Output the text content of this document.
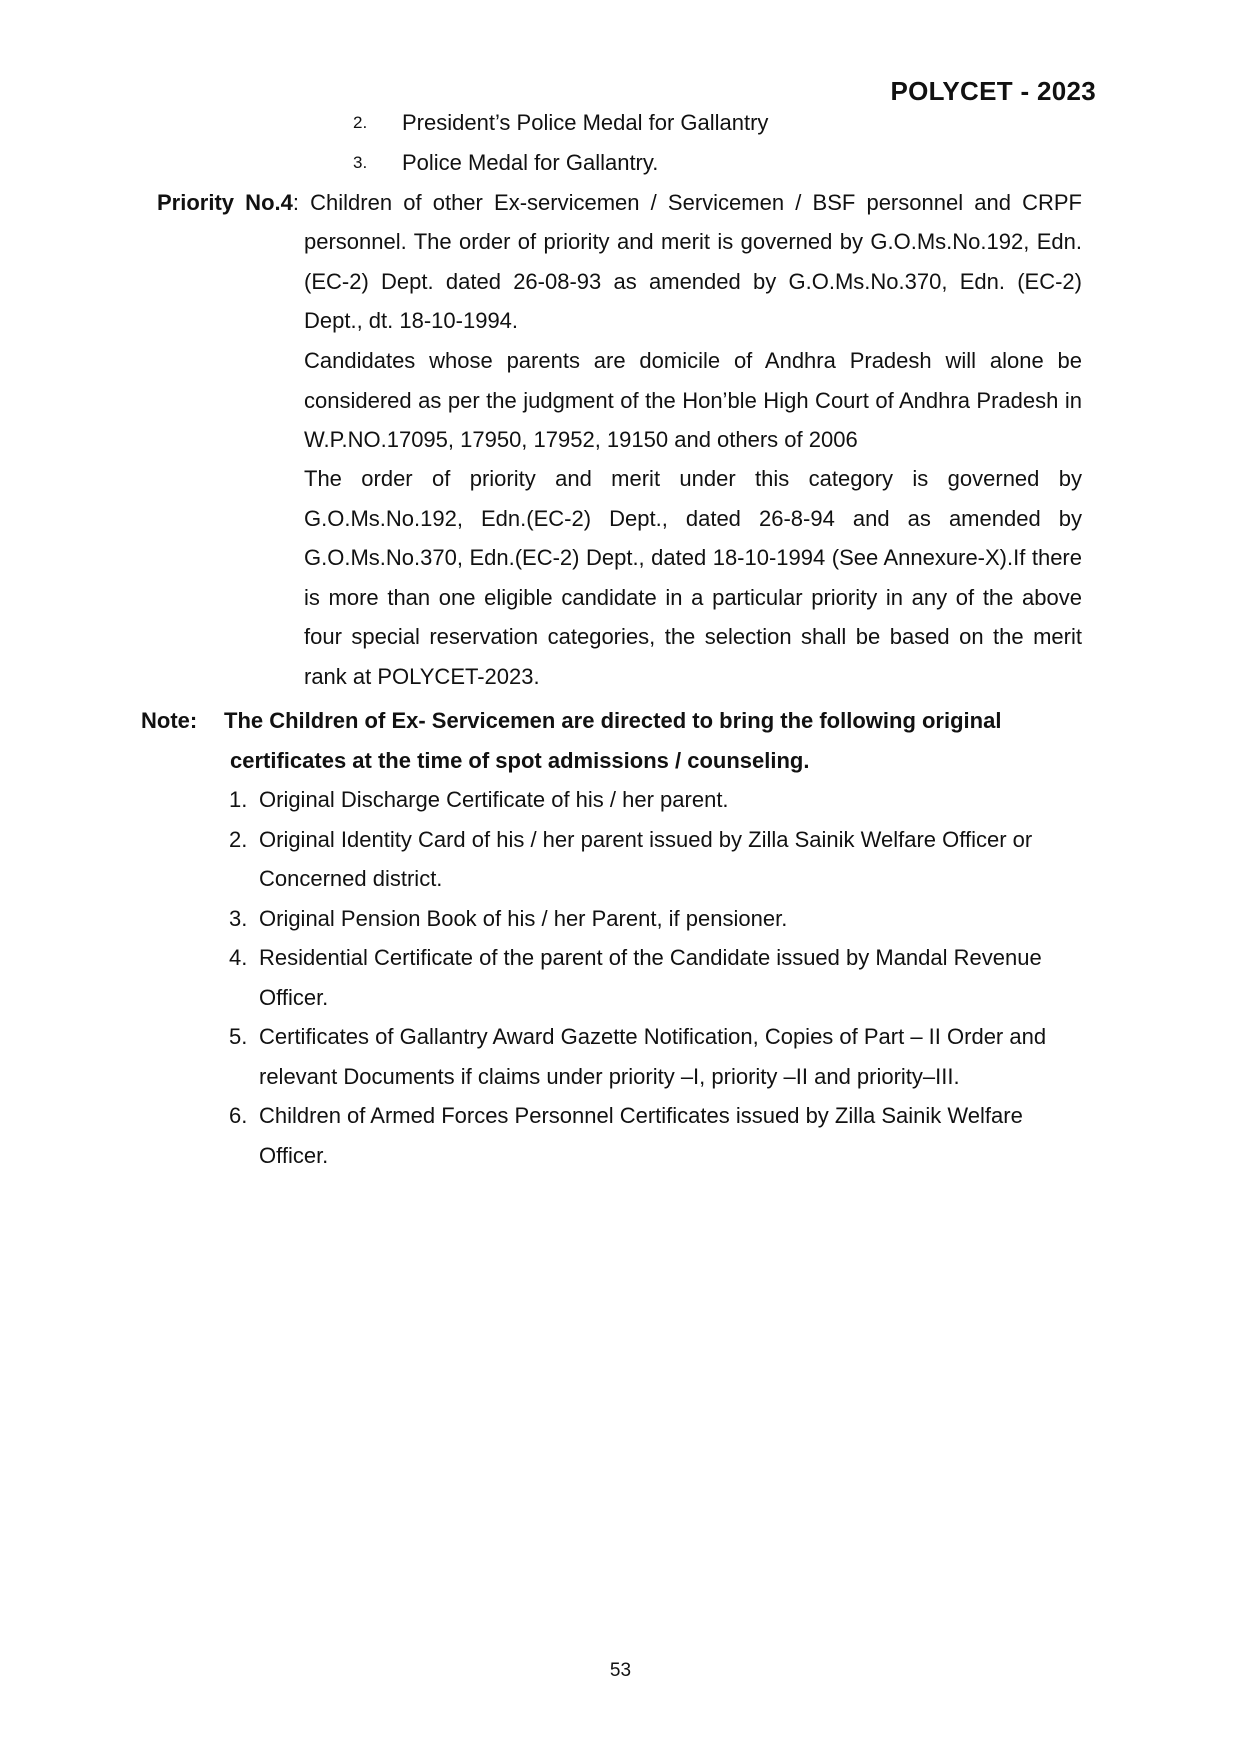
POLYCET - 2023
2. President’s Police Medal for Gallantry
3. Police Medal for Gallantry.
Priority No.4: Children of other Ex-servicemen / Servicemen / BSF personnel and CRPF
personnel. The order of priority and merit is governed by G.O.Ms.No.192, Edn. (EC-2) Dept. dated 26-08-93 as amended by G.O.Ms.No.370, Edn. (EC-2) Dept., dt. 18-10-1994.
Candidates whose parents are domicile of Andhra Pradesh will alone be considered as per the judgment of the Hon’ble High Court of Andhra Pradesh in W.P.NO.17095, 17950, 17952, 19150 and others of 2006
The order of priority and merit under this category is governed by G.O.Ms.No.192, Edn.(EC-2) Dept., dated 26-8-94 and as amended by G.O.Ms.No.370, Edn.(EC-2) Dept., dated 18-10-1994 (See Annexure-X).If there is more than one eligible candidate in a particular priority in any of the above four special reservation categories, the selection shall be based on the merit rank at POLYCET-2023.
Note: The Children of Ex- Servicemen are directed to bring the following original
certificates at the time of spot admissions / counseling.
1. Original Discharge Certificate of his / her parent.
2. Original Identity Card of his / her parent issued by Zilla Sainik Welfare Officer or Concerned district.
3. Original Pension Book of his / her Parent, if pensioner.
4. Residential Certificate of the parent of the Candidate issued by Mandal Revenue Officer.
5. Certificates of Gallantry Award Gazette Notification, Copies of Part – II Order and relevant Documents if claims under priority –I, priority –II and priority–III.
6. Children of Armed Forces Personnel Certificates issued by Zilla Sainik Welfare Officer.
53
